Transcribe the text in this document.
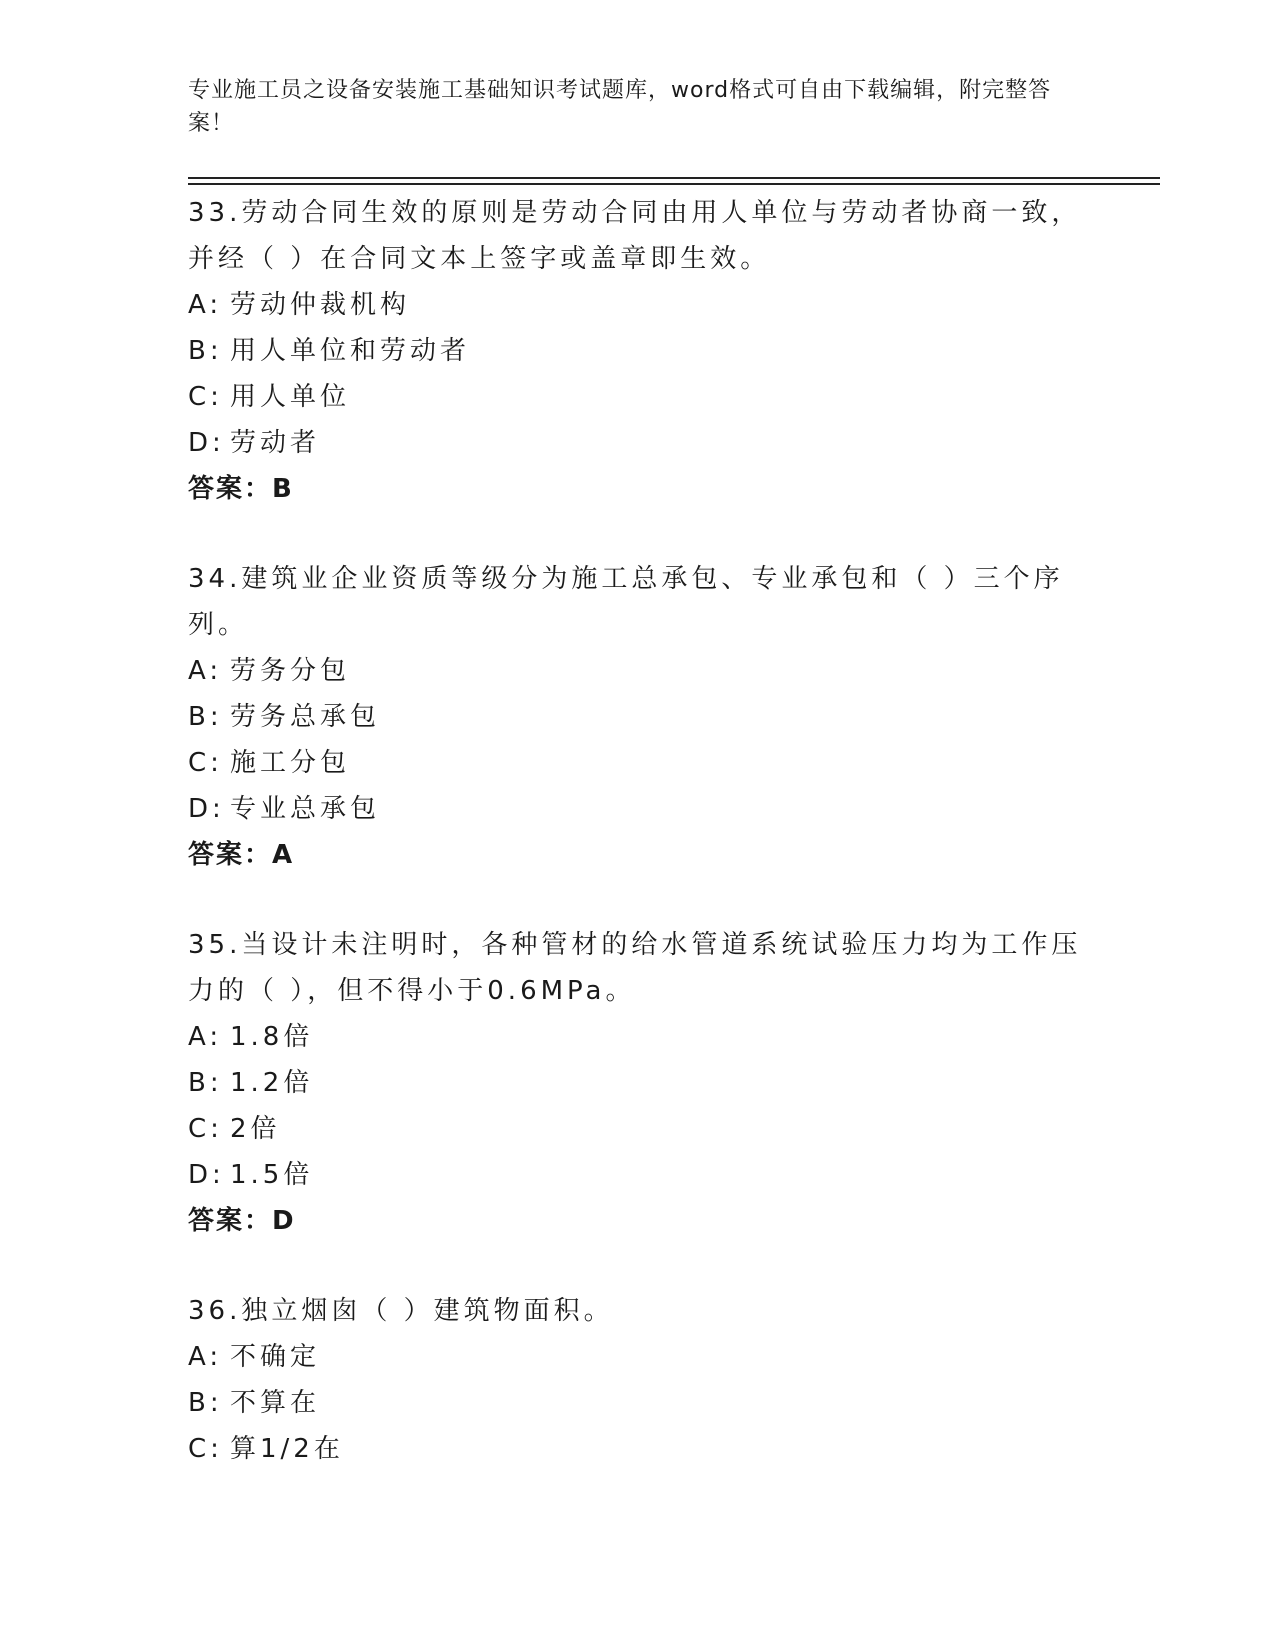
专业施工员之设备安装施工基础知识考试题库，word格式可自由下载编辑，附完整答案！
33.劳动合同生效的原则是劳动合同由用人单位与劳动者协商一致，并经（ ）在合同文本上签字或盖章即生效。
A: 劳动仲裁机构
B: 用人单位和劳动者
C: 用人单位
D: 劳动者
答案：B
34.建筑业企业资质等级分为施工总承包、专业承包和（ ）三个序列。
A: 劳务分包
B: 劳务总承包
C: 施工分包
D: 专业总承包
答案：A
35.当设计未注明时，各种管材的给水管道系统试验压力均为工作压力的（ ），但不得小于0.6MPa。
A: 1.8倍
B: 1.2倍
C: 2倍
D: 1.5倍
答案：D
36.独立烟囱（ ）建筑物面积。
A: 不确定
B: 不算在
C: 算1/2在
